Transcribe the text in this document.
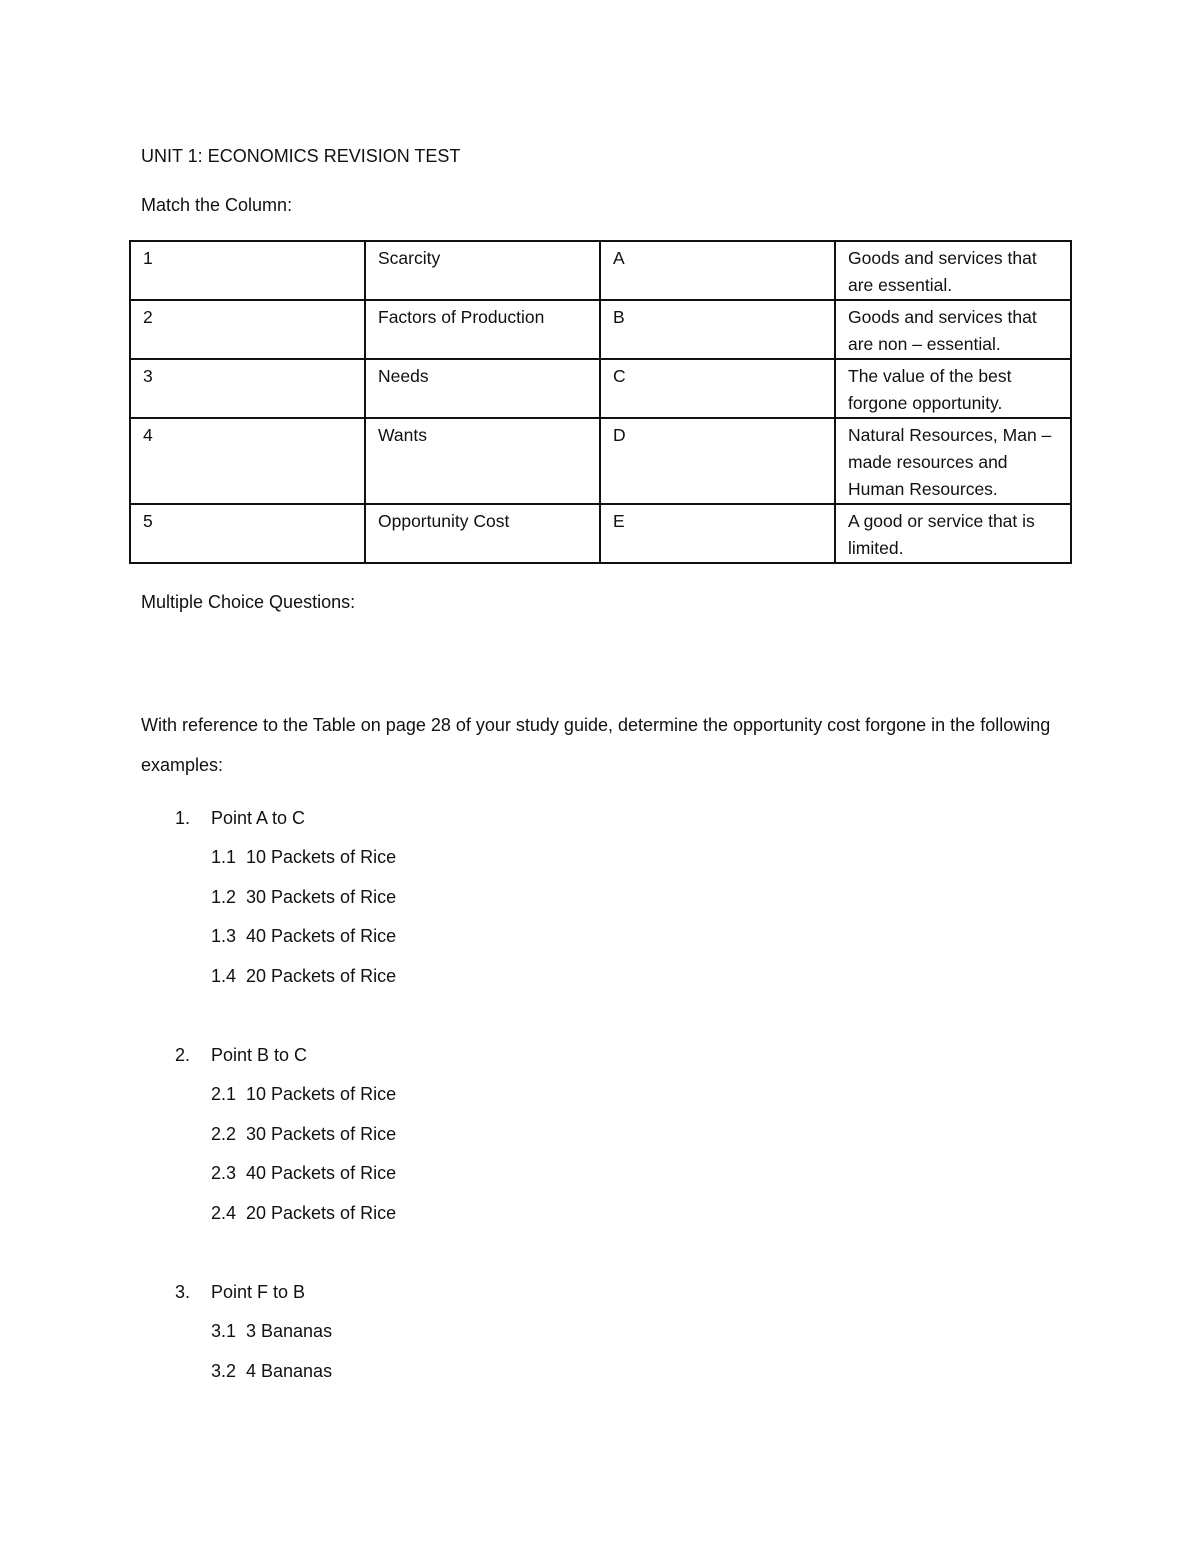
UNIT 1: ECONOMICS REVISION TEST
Match the Column:
1	Scarcity	A	Goods and services that are essential.
2	Factors of Production	B	Goods and services that are non – essential.
3	Needs	C	The value of the best forgone opportunity.
4	Wants	D	Natural Resources, Man – made resources and Human Resources.
5	Opportunity Cost	E	A good or service that is limited.
Multiple Choice Questions:
With reference to the Table on page 28 of your study guide, determine the opportunity cost forgone in the following examples:
1. Point A to C
1.1 10 Packets of Rice
1.2 30 Packets of Rice
1.3 40 Packets of Rice
1.4 20 Packets of Rice
2. Point B to C
2.1 10 Packets of Rice
2.2 30 Packets of Rice
2.3 40 Packets of Rice
2.4 20 Packets of Rice
3. Point F to B
3.1 3 Bananas
3.2 4 Bananas
